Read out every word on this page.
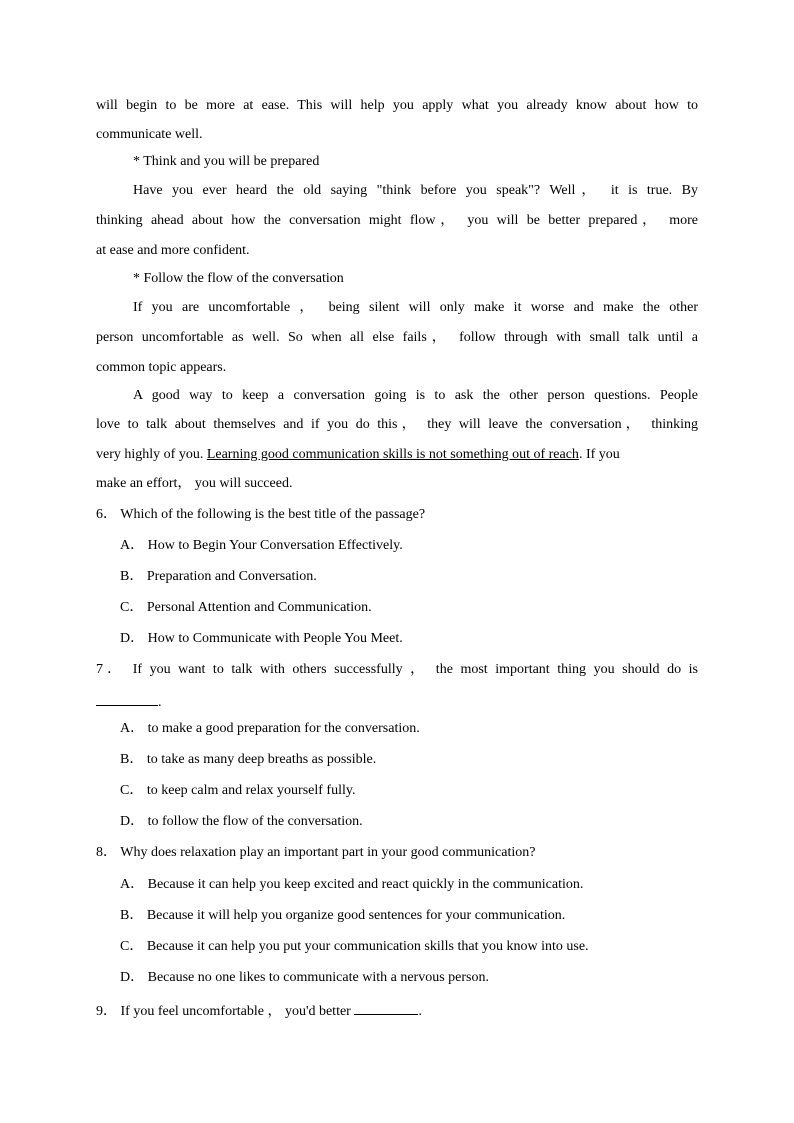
will begin to be more at ease. This will help you apply what you already know about how to
communicate well.
* Think and you will be prepared
Have you ever heard the old saying "think before you speak"? Well， it is true. By
thinking ahead about how the conversation might flow， you will be better prepared， more
at ease and more confident.
* Follow the flow of the conversation
If you are uncomfortable ， being silent will only make it worse and make the other
person uncomfortable as well. So when all else fails， follow through with small talk until a
common topic appears.
A good way to keep a conversation going is to ask the other person questions. People
love to talk about themselves and if you do this， they will leave the conversation， thinking
very highly of you. Learning good communication skills is not something out of reach. If you
make an effort， you will succeed.
6． Which of the following is the best title of the passage?
A． How to Begin Your Conversation Effectively.
B． Preparation and Conversation.
C． Personal Attention and Communication.
D． How to Communicate with People You Meet.
7． If you want to talk with others successfully ， the most important thing you should do is
.
A． to make a good preparation for the conversation.
B． to take as many deep breaths as possible.
C． to keep calm and relax yourself fully.
D． to follow the flow of the conversation.
8． Why does relaxation play an important part in your good communication?
A． Because it can help you keep excited and react quickly in the communication.
B． Because it will help you organize good sentences for your communication.
C． Because it can help you put your communication skills that you know into use.
D． Because no one likes to communicate with a nervous person.
9． If you feel uncomfortable ， you'd better	.
